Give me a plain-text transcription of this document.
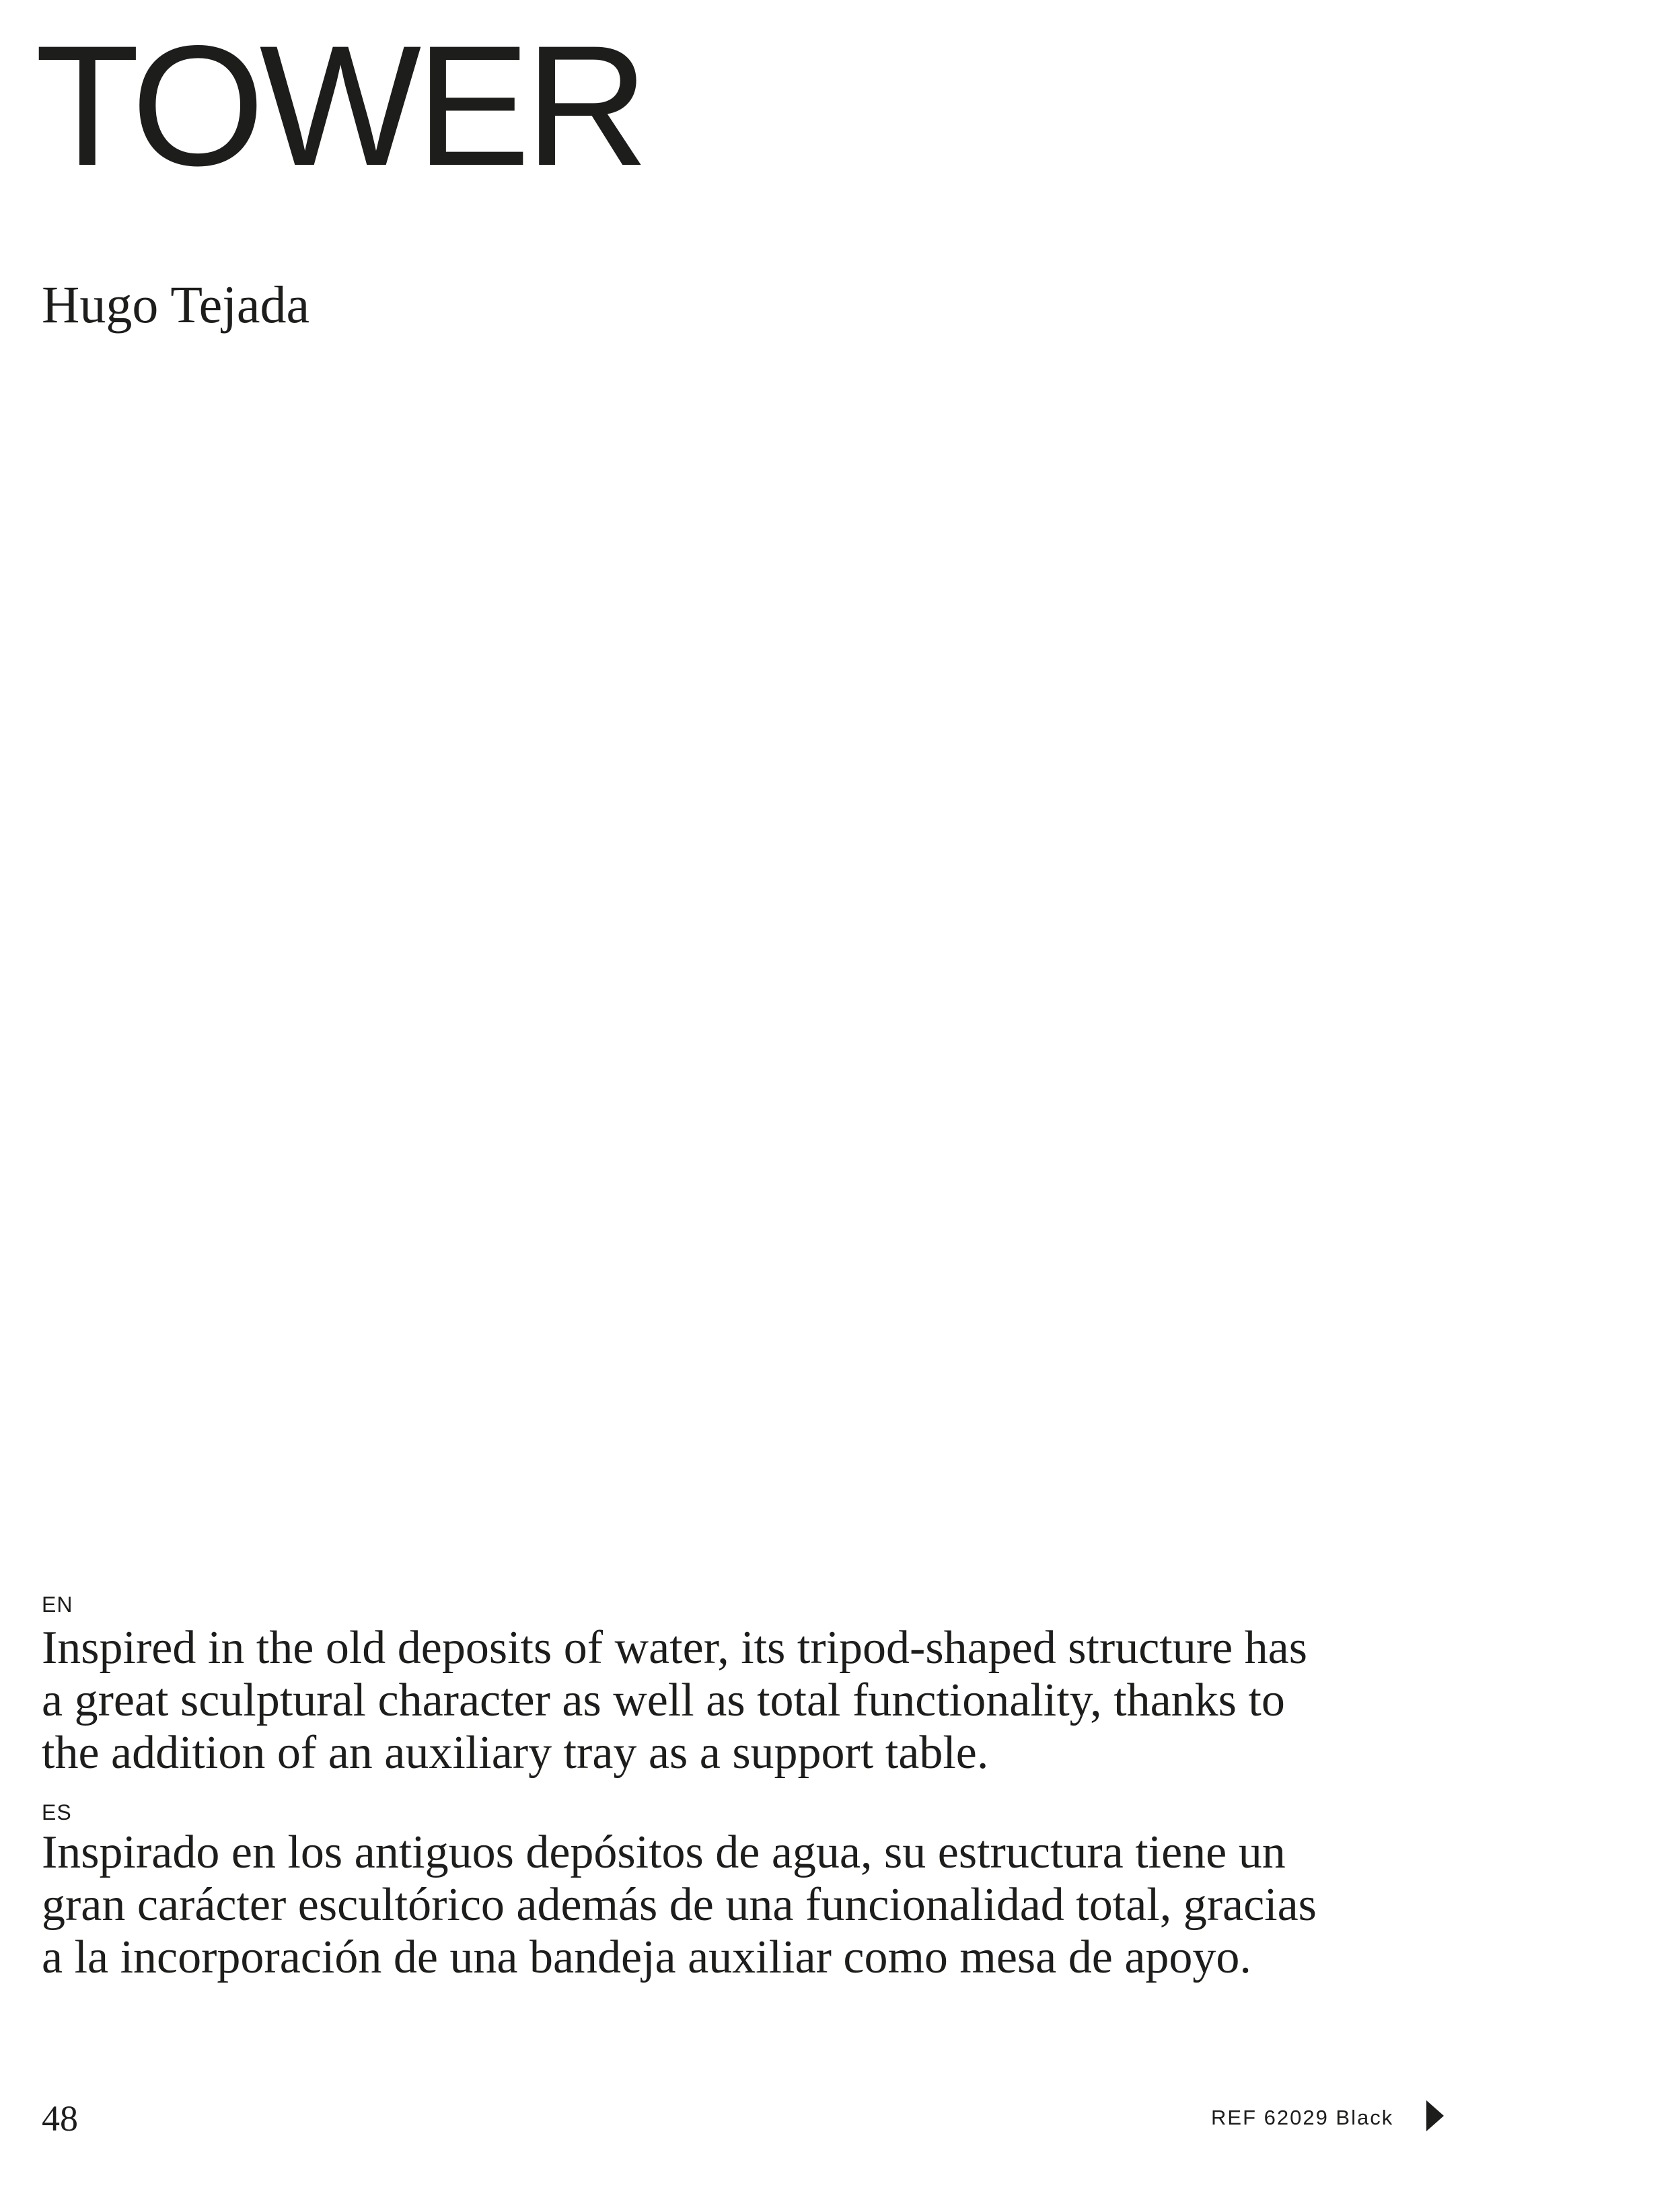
TOWER

Hugo Tejada

EN

Inspired in the old deposits of water, its tripod-shaped structure has
a great sculptural character as well as total functionality, thanks to
the addition of an auxiliary tray as a support table.

ES

Inspirado en los antiguos depósitos de agua, su estructura tiene un
gran carácter escultórico además de una funcionalidad total, gracias
a la incorporación de una bandeja auxiliar como mesa de apoyo.

48	REF 62029 Black
